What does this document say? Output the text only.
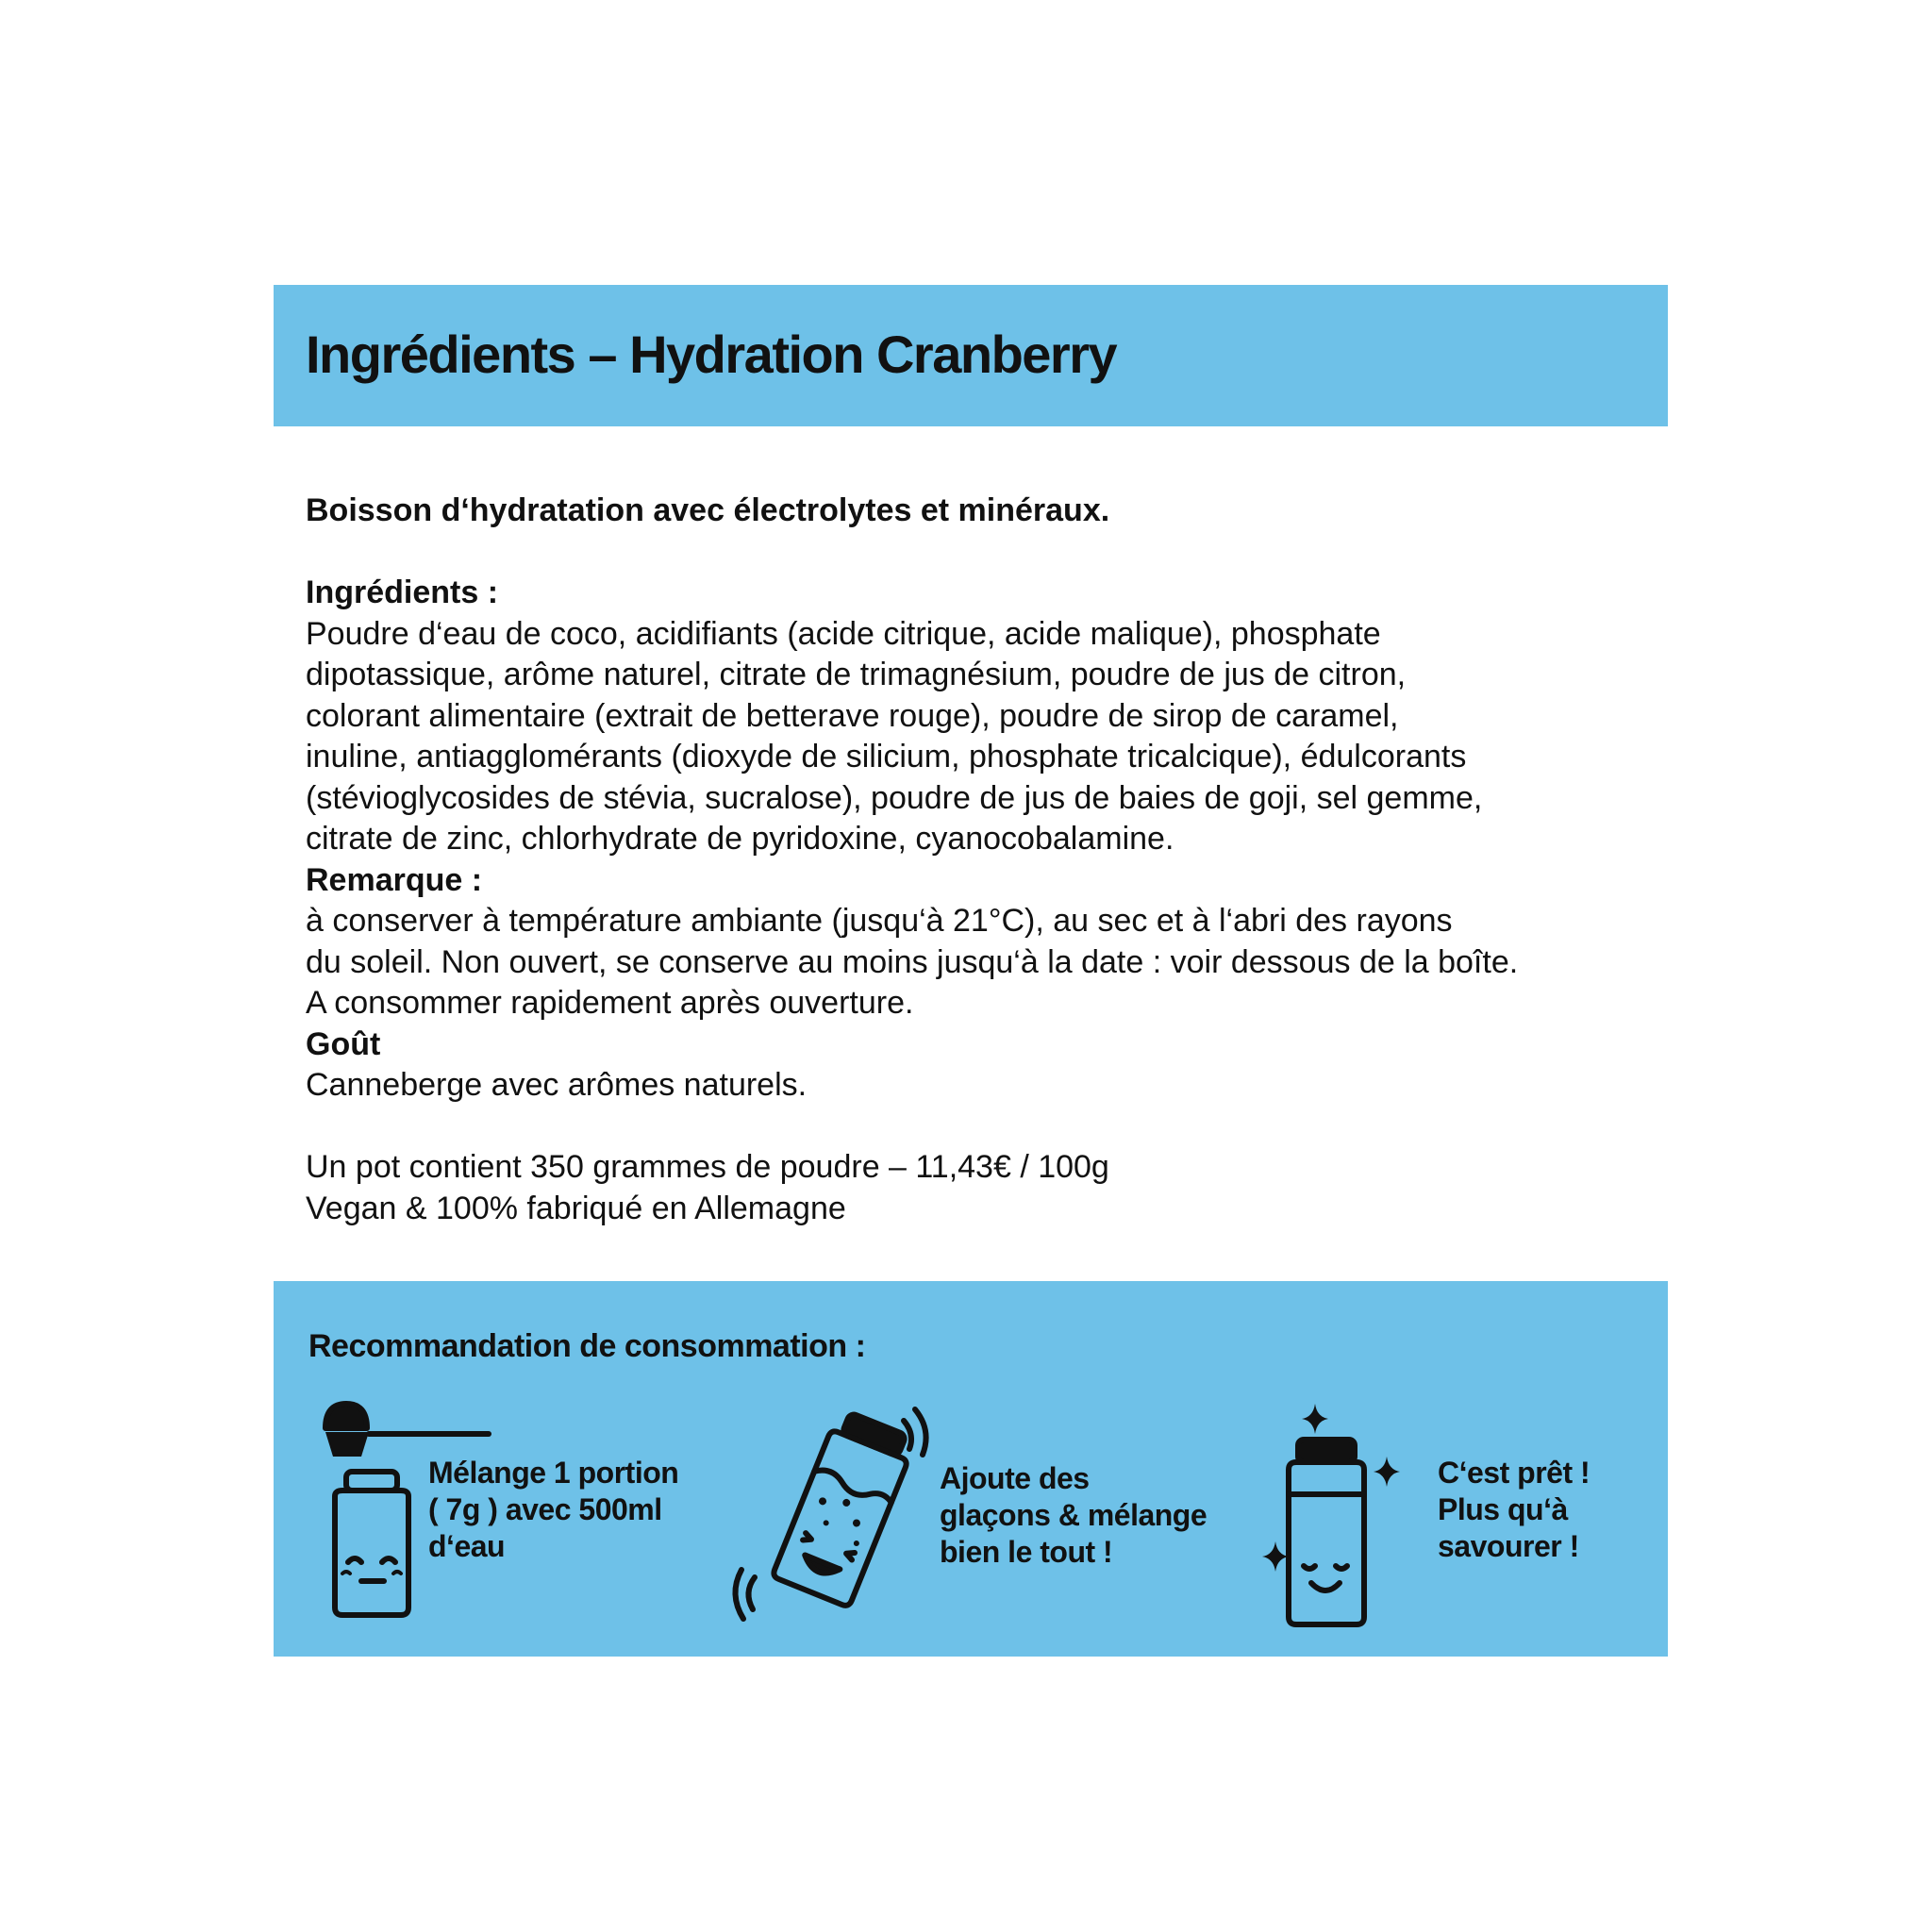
Ingrédients – Hydration Cranberry

Boisson d‘hydratation avec électrolytes et minéraux.

Ingrédients :

Poudre d‘eau de coco, acidifiants (acide citrique, acide malique), phosphate

dipotassique, arôme naturel, citrate de trimagnésium, poudre de jus de citron,

colorant alimentaire (extrait de betterave rouge), poudre de sirop de caramel,

inuline, antiagglomérants (dioxyde de silicium, phosphate tricalcique), édulcorants

(stévioglycosides de stévia, sucralose), poudre de jus de baies de goji, sel gemme,

citrate de zinc, chlorhydrate de pyridoxine, cyanocobalamine.

Remarque :

à conserver à température ambiante (jusqu‘à 21°C), au sec et à l‘abri des rayons

du soleil. Non ouvert, se conserve au moins jusqu‘à la date : voir dessous de la boîte.

A consommer rapidement après ouverture.

Goût

Canneberge avec arômes naturels.

Un pot contient 350 grammes de poudre – 11,43€ / 100g

Vegan & 100% fabriqué en Allemagne

Recommandation de consommation :

Mélange 1 portion
( 7g ) avec 500ml
d‘eau

Ajoute des
glaçons & mélange
bien le tout !

C‘est prêt !
Plus qu‘à
savourer !
